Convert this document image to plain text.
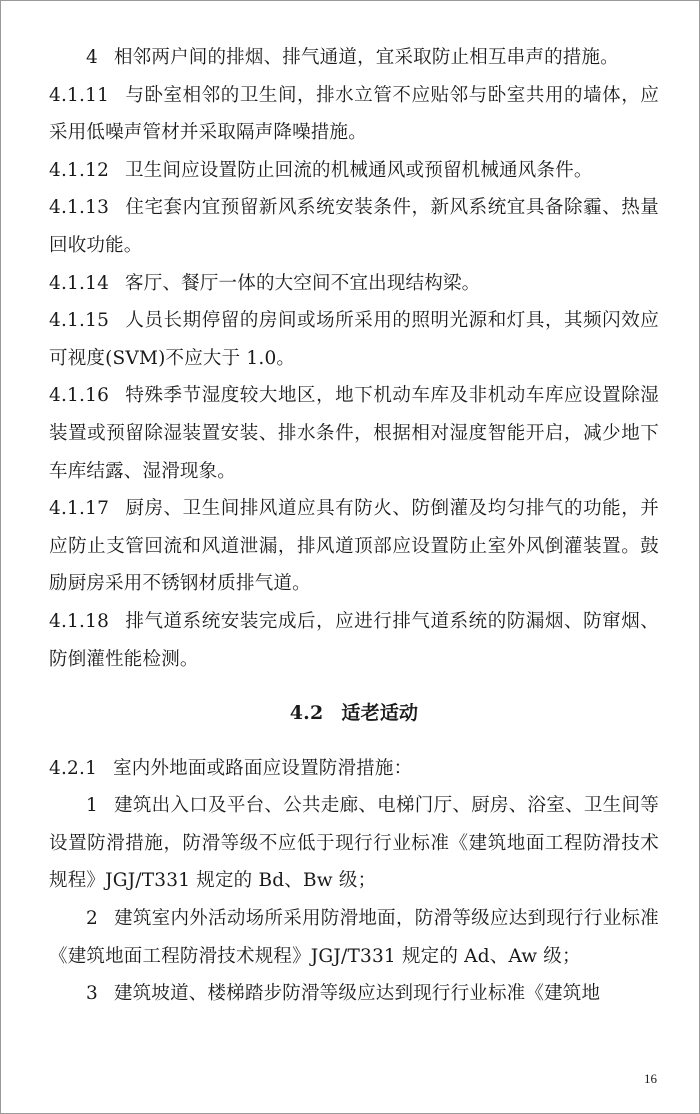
4 相邻两户间的排烟、排气通道，宜采取防止相互串声的措施。

4.1.11 与卧室相邻的卫生间，排水立管不应贴邻与卧室共用的墙体，应采用低噪声管材并采取隔声降噪措施。

4.1.12 卫生间应设置防止回流的机械通风或预留机械通风条件。

4.1.13 住宅套内宜预留新风系统安装条件，新风系统宜具备除霾、热量回收功能。

4.1.14 客厅、餐厅一体的大空间不宜出现结构梁。

4.1.15 人员长期停留的房间或场所采用的照明光源和灯具，其频闪效应可视度(SVM)不应大于 1.0。

4.1.16 特殊季节湿度较大地区，地下机动车库及非机动车库应设置除湿装置或预留除湿装置安装、排水条件，根据相对湿度智能开启，减少地下车库结露、湿滑现象。

4.1.17 厨房、卫生间排风道应具有防火、防倒灌及均匀排气的功能，并应防止支管回流和风道泄漏，排风道顶部应设置防止室外风倒灌装置。鼓励厨房采用不锈钢材质排气道。

4.1.18 排气道系统安装完成后，应进行排气道系统的防漏烟、防窜烟、防倒灌性能检测。

4.2 适老适动

4.2.1 室内外地面或路面应设置防滑措施：

1 建筑出入口及平台、公共走廊、电梯门厅、厨房、浴室、卫生间等设置防滑措施，防滑等级不应低于现行行业标准《建筑地面工程防滑技术规程》JGJ/T331 规定的 Bd、Bw 级；

2 建筑室内外活动场所采用防滑地面，防滑等级应达到现行行业标准《建筑地面工程防滑技术规程》JGJ/T331 规定的 Ad、Aw 级；

3 建筑坡道、楼梯踏步防滑等级应达到现行行业标准《建筑地

16
